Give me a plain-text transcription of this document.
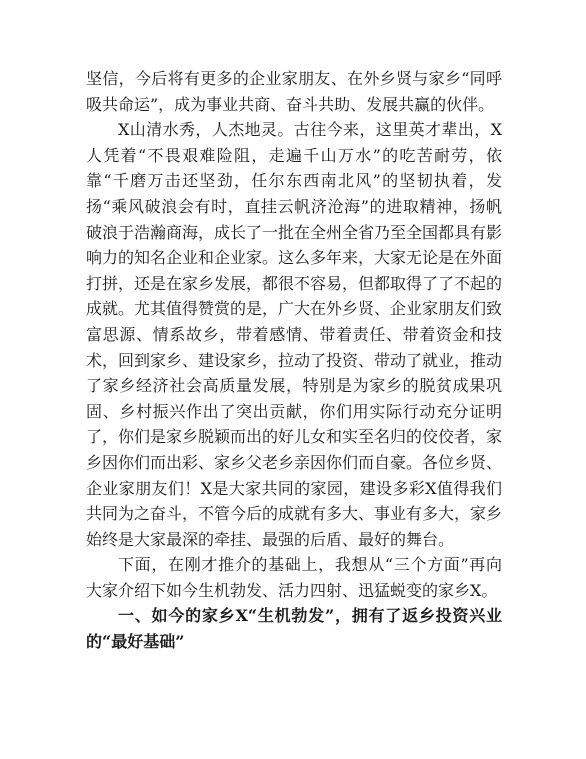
坚信，今后将有更多的企业家朋友、在外乡贤与家乡“同呼吸共命运”，成为事业共商、奋斗共助、发展共赢的伙伴。

X山清水秀，人杰地灵。古往今来，这里英才辈出，X人凭着“不畏艰难险阻，走遍千山万水”的吃苦耐劳，依靠“千磨万击还坚劲，任尔东西南北风”的坚韧执着，发扬“乘风破浪会有时，直挂云帆济沧海”的进取精神，扬帆破浪于浩瀚商海，成长了一批在全州全省乃至全国都具有影响力的知名企业和企业家。这么多年来，大家无论是在外面打拼，还是在家乡发展，都很不容易，但都取得了了不起的成就。尤其值得赞赏的是，广大在外乡贤、企业家朋友们致富思源、情系故乡，带着感情、带着责任、带着资金和技术，回到家乡、建设家乡，拉动了投资、带动了就业，推动了家乡经济社会高质量发展，特别是为家乡的脱贫成果巩固、乡村振兴作出了突出贡献，你们用实际行动充分证明了，你们是家乡脱颖而出的好儿女和实至名归的佼佼者，家乡因你们而出彩、家乡父老乡亲因你们而自豪。各位乡贤、企业家朋友们！X是大家共同的家园，建设多彩X值得我们共同为之奋斗，不管今后的成就有多大、事业有多大，家乡始终是大家最深的牵挂、最强的后盾、最好的舞台。

下面，在刚才推介的基础上，我想从“三个方面”再向大家介绍下如今生机勃发、活力四射、迅猛蜕变的家乡X。

一、如今的家乡X“生机勃发”，拥有了返乡投资兴业的“最好基础”
